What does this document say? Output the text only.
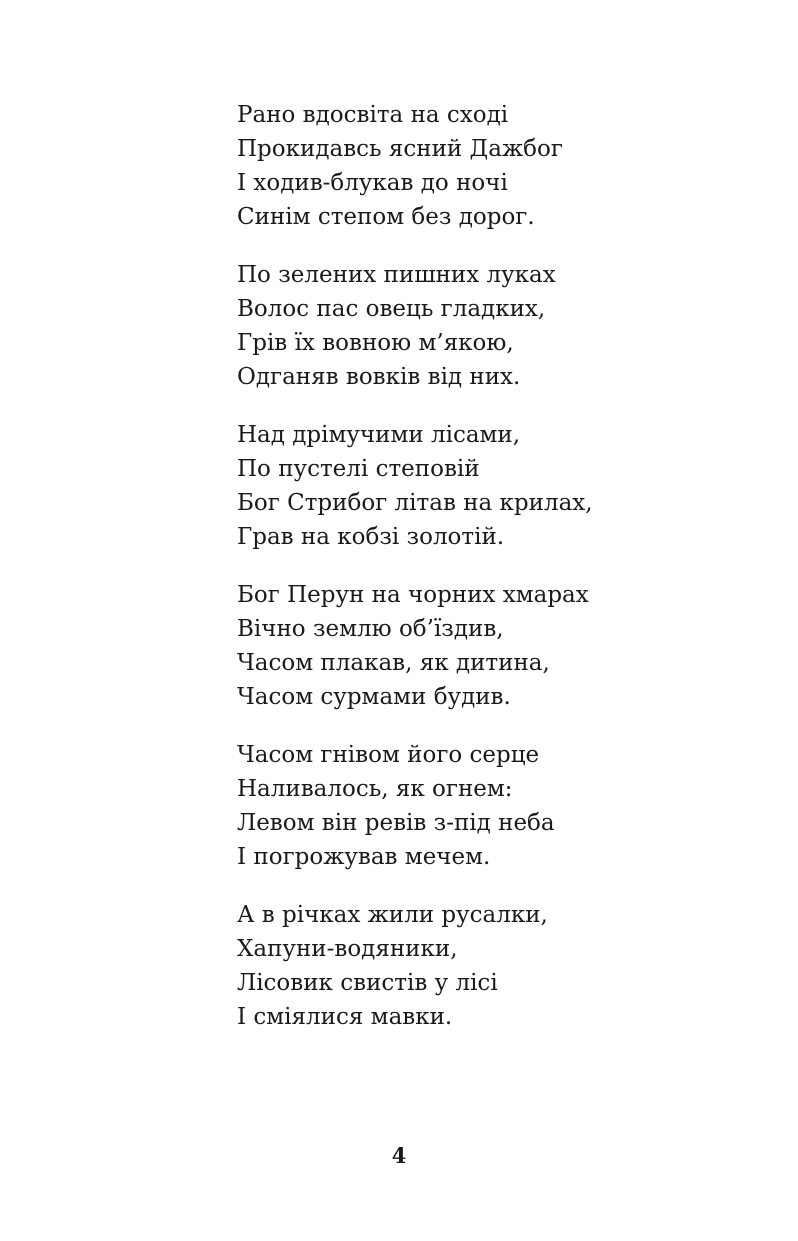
Рано вдосвіта на сході
Прокидавсь ясний Дажбог
І ходив-блукав до ночі
Синім степом без дорог.
По зелених пишних луках
Волос пас овець гладких,
Грів їх вовною м’якою,
Одганяв вовків від них.
Над дрімучими лісами,
По пустелі степовій
Бог Стрибог літав на крилах,
Грав на кобзі золотій.
Бог Перун на чорних хмарах
Вічно землю об’їздив,
Часом плакав, як дитина,
Часом сурмами будив.
Часом гнівом його серце
Наливалось, як огнем:
Левом він ревів з-під неба
І погрожував мечем.
А в річках жили русалки,
Хапуни-водяники,
Лісовик свистів у лісі
І сміялися мавки.
4
